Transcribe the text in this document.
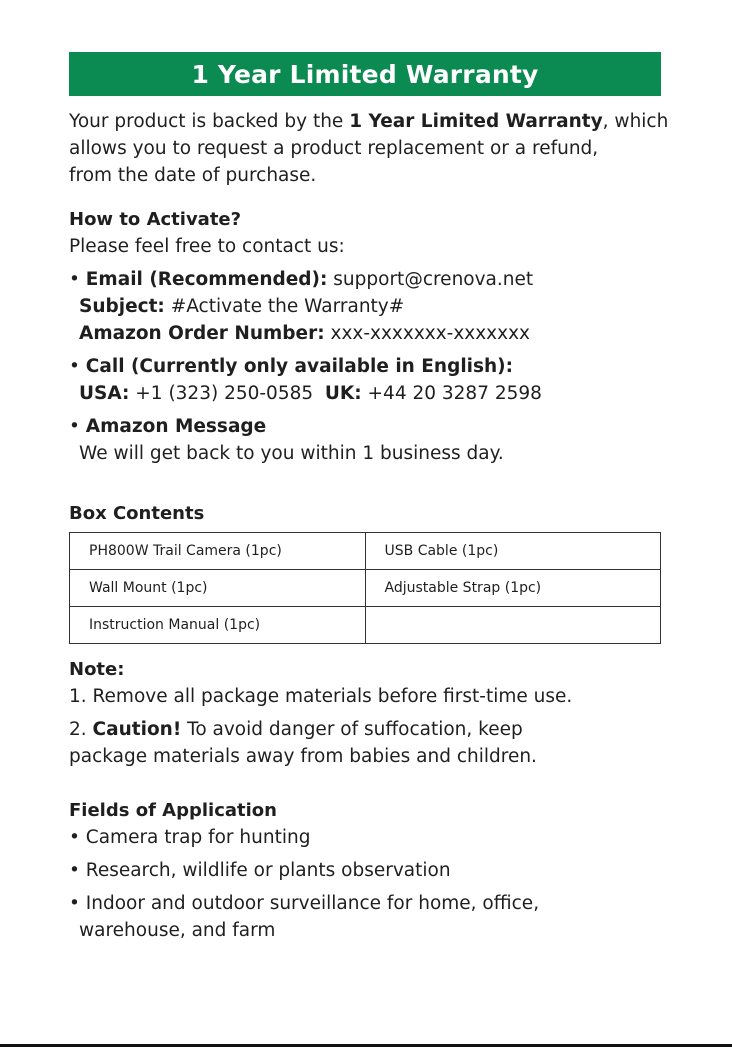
1 Year Limited Warranty

Your product is backed by the 1 Year Limited Warranty, which

allows you to request a product replacement or a refund,

from the date of purchase.

How to Activate?

Please feel free to contact us:

• Email (Recommended): support@crenova.net

Subject: #Activate the Warranty#

Amazon Order Number: xxx-xxxxxxx-xxxxxxx

• Call (Currently only available in English):

USA: +1 (323) 250-0585  UK: +44 20 3287 2598

• Amazon Message

We will get back to you within 1 business day.

Box Contents

PH800W Trail Camera (1pc)	USB Cable (1pc)
Wall Mount (1pc)	Adjustable Strap (1pc)
Instruction Manual (1pc)	

Note:

1. Remove all package materials before first-time use.

2. Caution! To avoid danger of suffocation, keep

package materials away from babies and children.

Fields of Application

• Camera trap for hunting

• Research, wildlife or plants observation

• Indoor and outdoor surveillance for home, office,

warehouse, and farm
